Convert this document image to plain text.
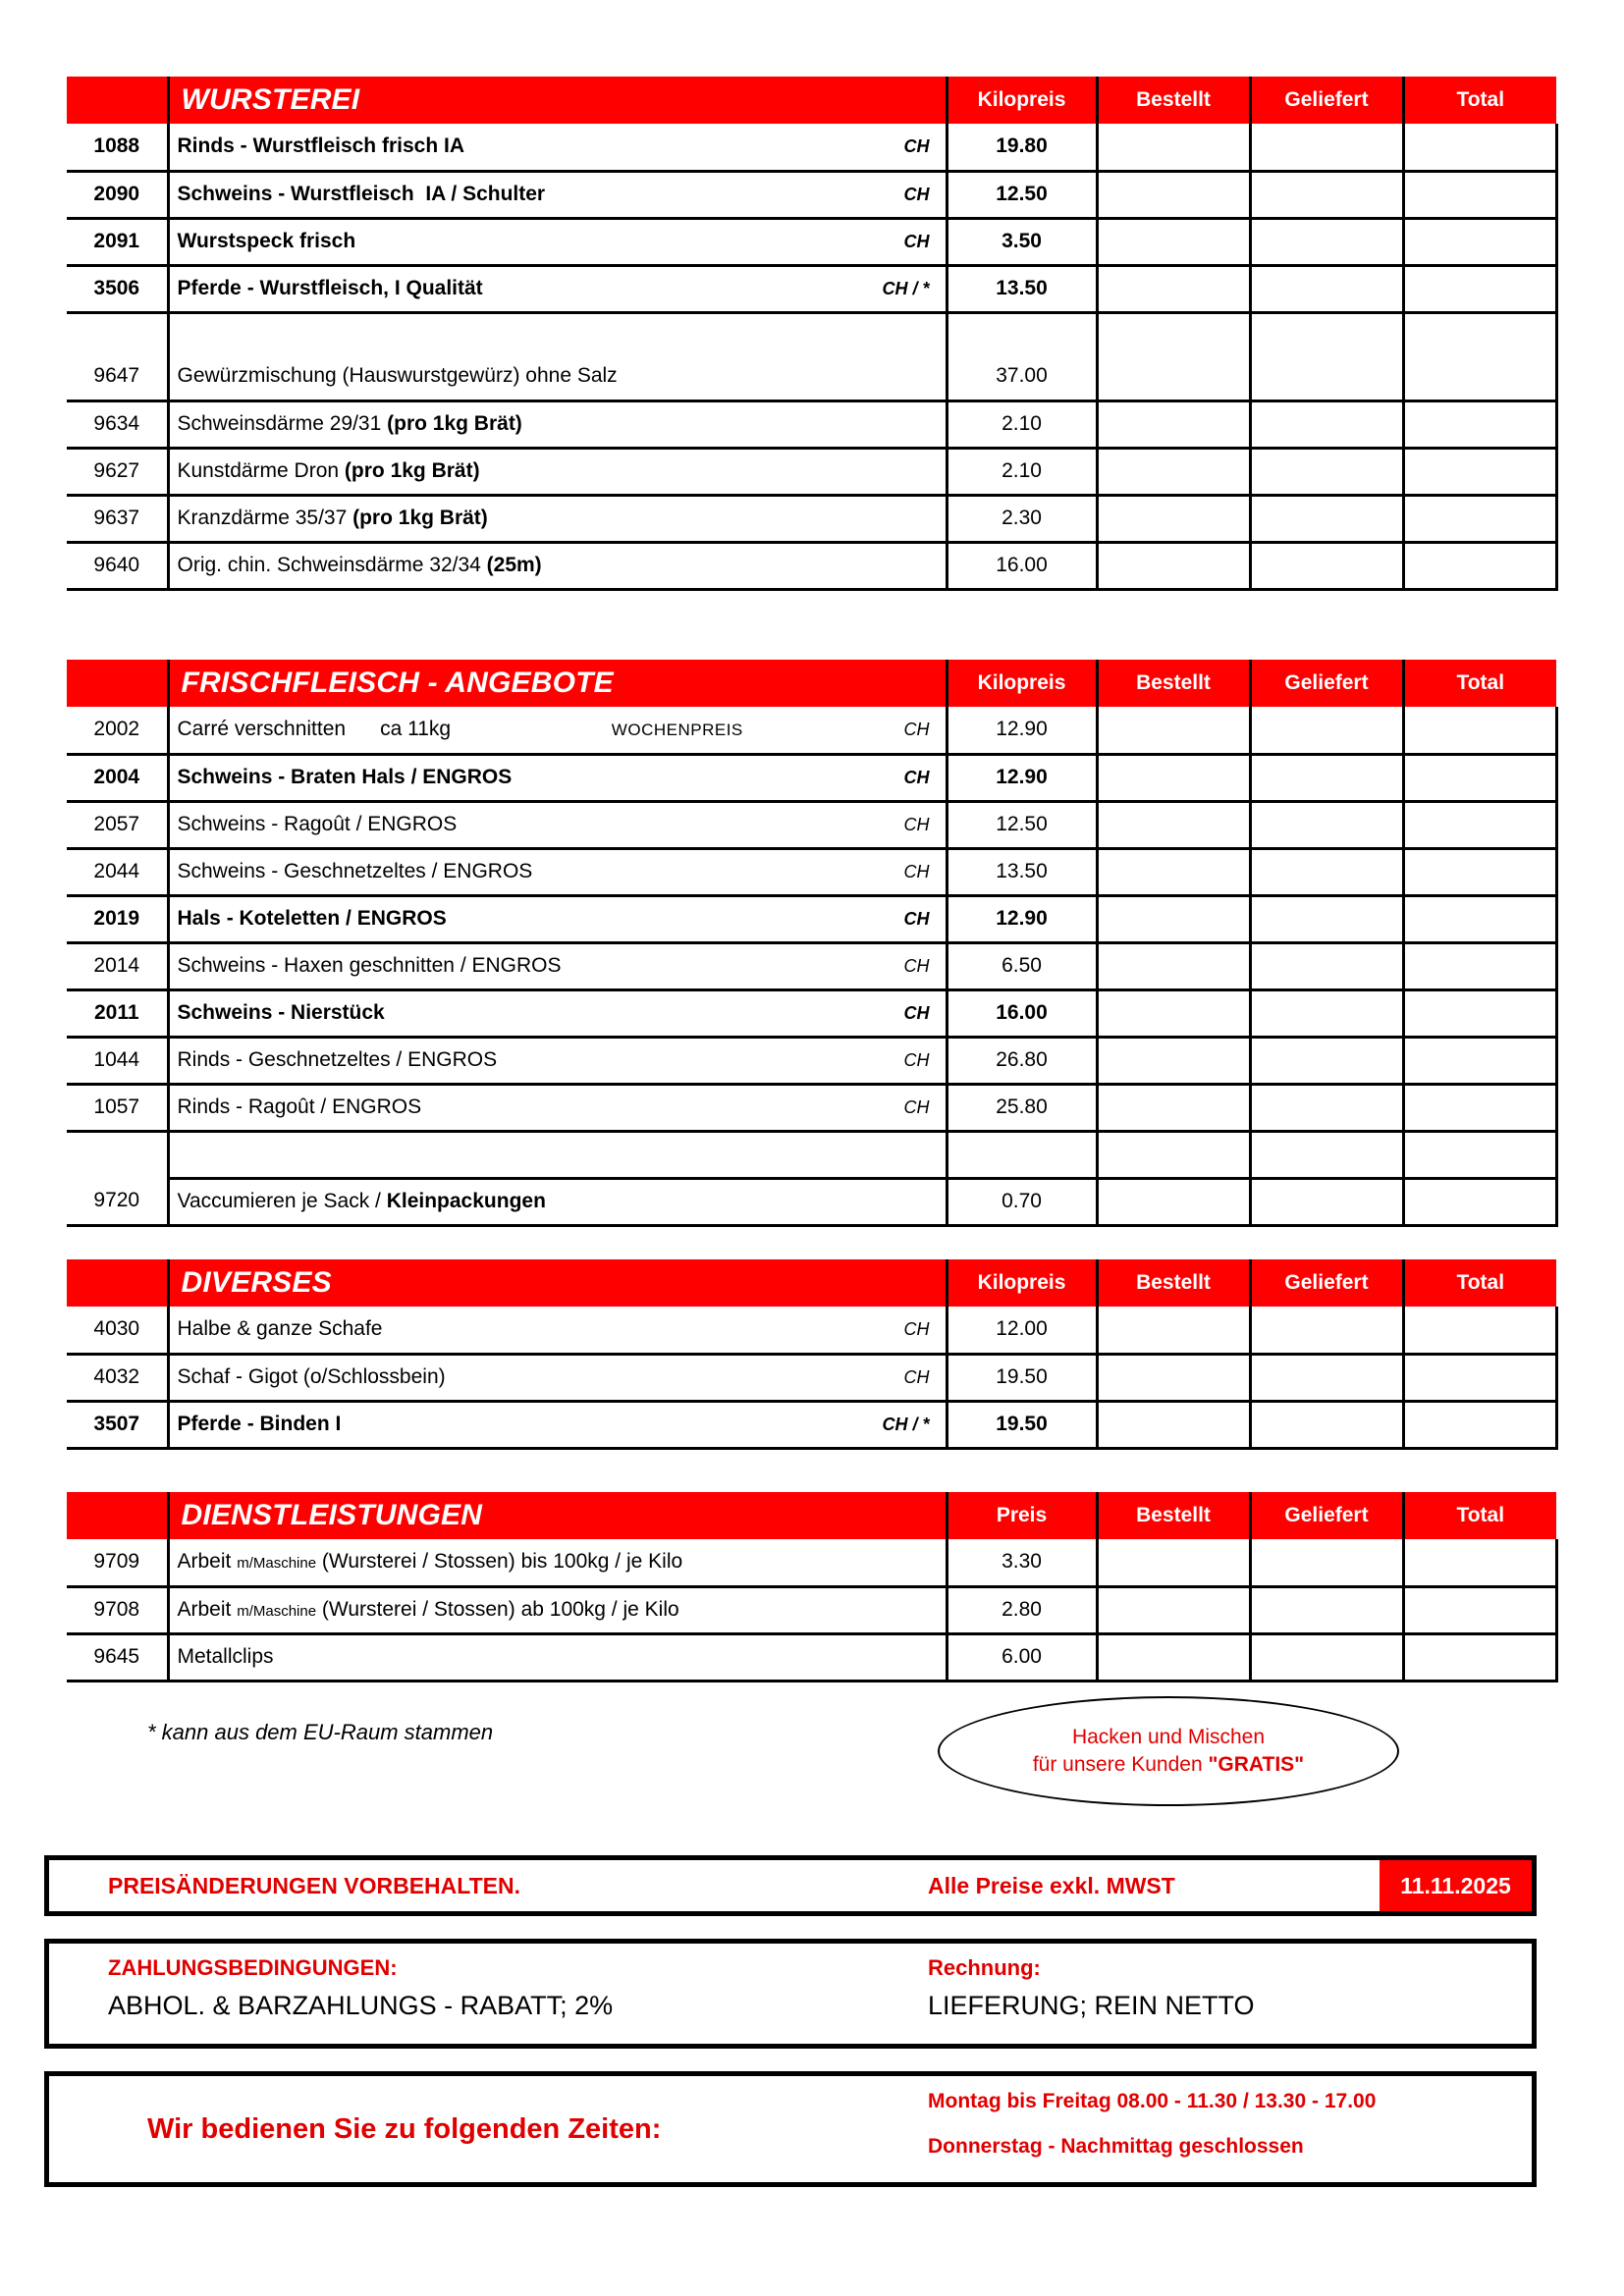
	WURSTEREI	Kilopreis	Bestellt	Geliefert	Total
1088	Rinds - Wurstfleisch frisch IA CH	19.80			
2090	Schweins - Wurstfleisch  IA / Schulter CH	12.50			
2091	Wurstspeck frisch CH	3.50			
3506	Pferde - Wurstfleisch, I Qualität CH / *	13.50			

9647	Gewürzmischung (Hauswurstgewürz) ohne Salz	37.00			
9634	Schweinsdärme 29/31 (pro 1kg Brät)	2.10			
9627	Kunstdärme Dron (pro 1kg Brät)	2.10			
9637	Kranzdärme 35/37 (pro 1kg Brät)	2.30			
9640	Orig. chin. Schweinsdärme 32/34 (25m)	16.00			
	FRISCHFLEISCH - ANGEBOTE	Kilopreis	Bestellt	Geliefert	Total
2002	Carré verschnitten      ca 11kg WOCHENPREIS CH	12.90			
2004	Schweins - Braten Hals / ENGROS CH	12.90			
2057	Schweins - Ragoût / ENGROS CH	12.50			
2044	Schweins - Geschnetzeltes / ENGROS CH	13.50			
2019	Hals - Koteletten / ENGROS CH	12.90			
2014	Schweins - Haxen geschnitten / ENGROS CH	6.50			
2011	Schweins - Nierstück CH	16.00			
1044	Rinds - Geschnetzeltes / ENGROS CH	26.80			
1057	Rinds - Ragoût / ENGROS CH	25.80			

9720	Vaccumieren je Sack / Kleinpackungen	0.70			
	DIVERSES	Kilopreis	Bestellt	Geliefert	Total
4030	Halbe & ganze Schafe CH	12.00			
4032	Schaf - Gigot (o/Schlossbein) CH	19.50			
3507	Pferde - Binden I CH / *	19.50			
	DIENSTLEISTUNGEN	Preis	Bestellt	Geliefert	Total
9709	Arbeit m/Maschine (Wursterei / Stossen) bis 100kg / je Kilo	3.30			
9708	Arbeit m/Maschine (Wursterei / Stossen) ab 100kg / je Kilo	2.80			
9645	Metallclips	6.00			
* kann aus dem EU-Raum stammen	Hacken und Mischen
für unsere Kunden "GRATIS"
PREISÄNDERUNGEN VORBEHALTEN.	Alle Preise exkl. MWST	11.11.2025
ZAHLUNGSBEDINGUNGEN:
ABHOL. & BARZAHLUNGS - RABATT; 2%
Rechnung:
LIEFERUNG; REIN NETTO
Wir bedienen Sie zu folgenden Zeiten:
Montag bis Freitag 08.00 - 11.30 / 13.30 - 17.00
Donnerstag - Nachmittag geschlossen
